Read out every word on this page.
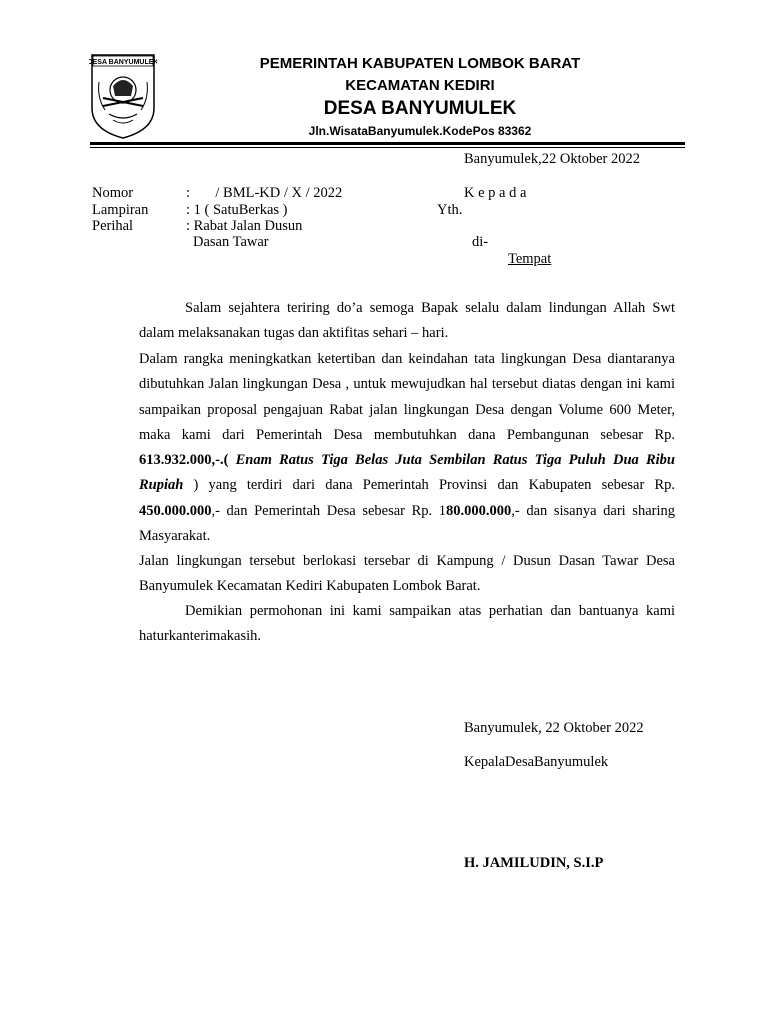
DESA BANYUMULEK	PEMERINTAH KABUPATEN LOMBOK BARAT
KECAMATAN KEDIRI
DESA BANYUMULEK
Jln.WisataBanyumulek.KodePos 83362
Banyumulek,22 Oktober 2022
Nomor	:       / BML-KD / X / 2022
Lampiran	: 1 ( SatuBerkas )
Perihal	: Rabat Jalan Dusun
Dasan Tawar
K e p a d a
Yth.
di-
Tempat

Salam sejahtera teriring do’a semoga Bapak selalu dalam lindungan Allah Swt dalam melaksanakan tugas dan aktifitas sehari – hari.

Dalam rangka meningkatkan ketertiban dan keindahan tata lingkungan Desa diantaranya dibutuhkan Jalan lingkungan Desa , untuk mewujudkan hal tersebut diatas dengan ini kami sampaikan proposal pengajuan Rabat jalan lingkungan Desa dengan Volume 600 Meter, maka kami dari Pemerintah Desa membutuhkan dana Pembangunan sebesar Rp. 613.932.000,-.( Enam Ratus Tiga Belas Juta Sembilan Ratus Tiga Puluh Dua Ribu Rupiah ) yang terdiri dari dana Pemerintah Provinsi dan Kabupaten sebesar Rp. 450.000.000,- dan Pemerintah Desa sebesar Rp. 180.000.000,- dan sisanya dari sharing Masyarakat.

Jalan lingkungan tersebut berlokasi tersebar di Kampung / Dusun Dasan Tawar Desa Banyumulek Kecamatan Kediri Kabupaten Lombok Barat.

Demikian permohonan ini kami sampaikan atas perhatian dan bantuanya kami haturkanterimakasih.

Banyumulek, 22 Oktober 2022
KepalaDesaBanyumulek
H. JAMILUDIN, S.I.P
